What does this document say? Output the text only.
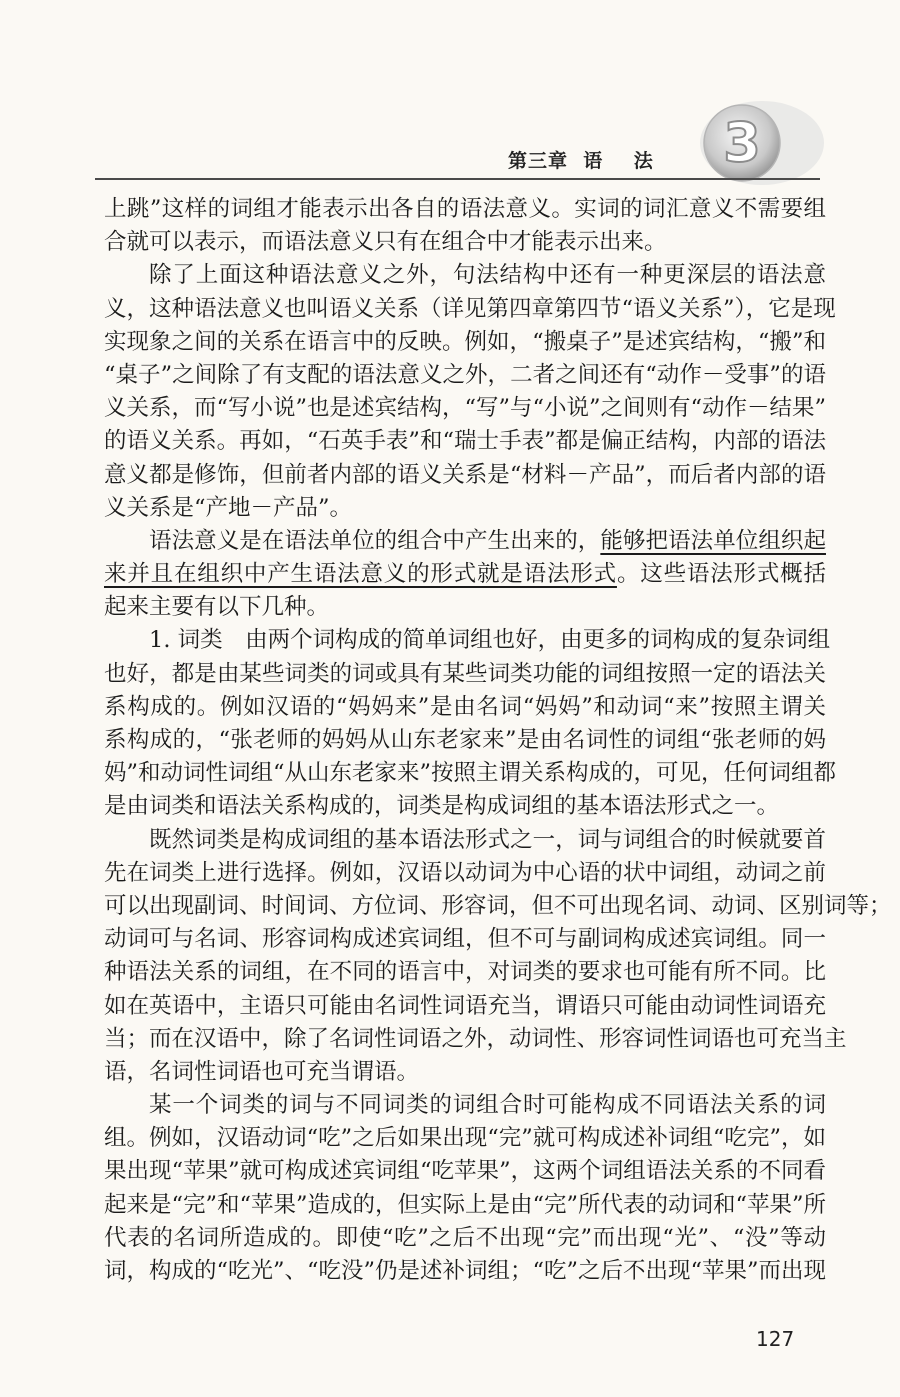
3
第三章  语    法
上跳”这样的词组才能表示出各自的语法意义。实词的词汇意义不需要组
合就可以表示，而语法意义只有在组合中才能表示出来。
除了上面这种语法意义之外，句法结构中还有一种更深层的语法意
义，这种语法意义也叫语义关系（详见第四章第四节“语义关系”），它是现
实现象之间的关系在语言中的反映。例如，“搬桌子”是述宾结构，“搬”和
“桌子”之间除了有支配的语法意义之外，二者之间还有“动作－受事”的语
义关系，而“写小说”也是述宾结构，“写”与“小说”之间则有“动作－结果”
的语义关系。再如，“石英手表”和“瑞士手表”都是偏正结构，内部的语法
意义都是修饰，但前者内部的语义关系是“材料－产品”，而后者内部的语
义关系是“产地－产品”。
语法意义是在语法单位的组合中产生出来的，能够把语法单位组织起
来并且在组织中产生语法意义的形式就是语法形式。这些语法形式概括
起来主要有以下几种。
1. 词类　由两个词构成的简单词组也好，由更多的词构成的复杂词组
也好，都是由某些词类的词或具有某些词类功能的词组按照一定的语法关
系构成的。例如汉语的“妈妈来”是由名词“妈妈”和动词“来”按照主谓关
系构成的，“张老师的妈妈从山东老家来”是由名词性的词组“张老师的妈
妈”和动词性词组“从山东老家来”按照主谓关系构成的，可见，任何词组都
是由词类和语法关系构成的，词类是构成词组的基本语法形式之一。
既然词类是构成词组的基本语法形式之一，词与词组合的时候就要首
先在词类上进行选择。例如，汉语以动词为中心语的状中词组，动词之前
可以出现副词、时间词、方位词、形容词，但不可出现名词、动词、区别词等；
动词可与名词、形容词构成述宾词组，但不可与副词构成述宾词组。同一
种语法关系的词组，在不同的语言中，对词类的要求也可能有所不同。比
如在英语中，主语只可能由名词性词语充当，谓语只可能由动词性词语充
当；而在汉语中，除了名词性词语之外，动词性、形容词性词语也可充当主
语，名词性词语也可充当谓语。
某一个词类的词与不同词类的词组合时可能构成不同语法关系的词
组。例如，汉语动词“吃”之后如果出现“完”就可构成述补词组“吃完”，如
果出现“苹果”就可构成述宾词组“吃苹果”，这两个词组语法关系的不同看
起来是“完”和“苹果”造成的，但实际上是由“完”所代表的动词和“苹果”所
代表的名词所造成的。即使“吃”之后不出现“完”而出现“光”、“没”等动
词，构成的“吃光”、“吃没”仍是述补词组；“吃”之后不出现“苹果”而出现
127
